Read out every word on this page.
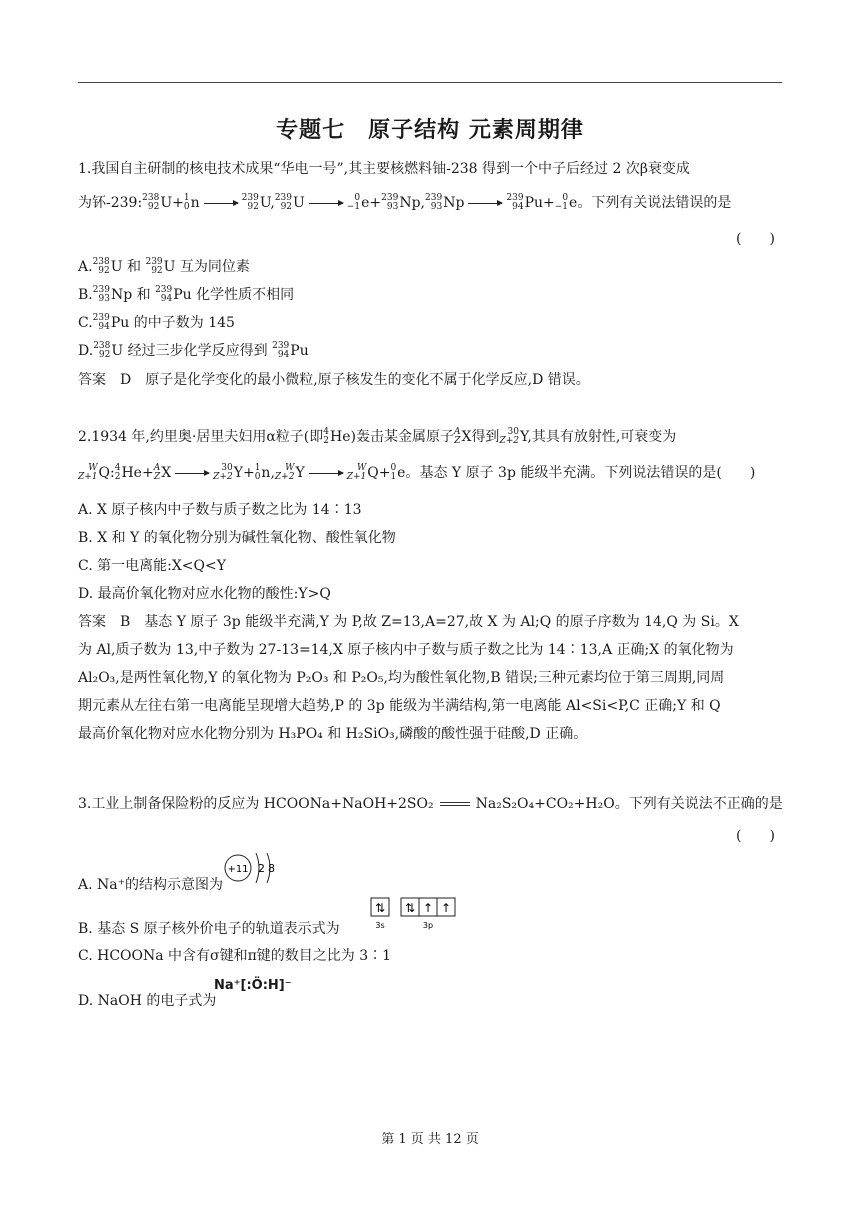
专题七　原子结构 元素周期律
1.我国自主研制的核电技术成果“华电一号”,其主要核燃料铀-238 得到一个中子后经过 2 次β衰变成
为钚-239: 238
92 U+ 1
0 n → 239
92 U, 239
92 U →	0
−1 e+ 239
93 Np, 239
93 Np → 239
94 Pu+ 0
−1 e。下列有关说法错误的是
(　　)
A. 238
92 U 和 239
92 U 互为同位素
B. 239
93 Np 和 239
94 Pu 化学性质不相同
C. 239
94 Pu 的中子数为 145
D. 238
92 U 经过三步化学反应得到 239
94 Pu
答案　D　原子是化学变化的最小微粒,原子核发生的变化不属于化学反应,D 错误。
2.1934 年,约里奥·居里夫妇用α粒子(即 4
2 He)轰击某金属原子 A
Z X得到 30
Z+2 Y,其具有放射性,可衰变为
W
Z+1 Q: 4
2 He+ A
Z X →	30
Z+2 Y+ 1
0 n,	W
Z+2 Y →	W
Z+1 Q+ 0
1 e。基态 Y 原子 3p 能级半充满。下列说法错误的是(　　)
A. X 原子核内中子数与质子数之比为 14∶13
B. X 和 Y 的氧化物分别为碱性氧化物、酸性氧化物
C. 第一电离能:X<Q<Y
D. 最高价氧化物对应水化物的酸性:Y>Q
答案　B　基态 Y 原子 3p 能级半充满,Y 为 P,故 Z=13,A=27,故 X 为 Al;Q 的原子序数为 14,Q 为 Si。X
为 Al,质子数为 13,中子数为 27-13=14,X 原子核内中子数与质子数之比为 14∶13,A 正确;X 的氧化物为
Al₂O₃,是两性氧化物,Y 的氧化物为 P₂O₃ 和 P₂O₅,均为酸性氧化物,B 错误;三种元素均位于第三周期,同周
期元素从左往右第一电离能呈现增大趋势,P 的 3p 能级为半满结构,第一电离能 Al<Si<P,C 正确;Y 和 Q
最高价氧化物对应水化物分别为 H₃PO₄ 和 H₂SiO₃,磷酸的酸性强于硅酸,D 正确。
3.工业上制备保险粉的反应为 HCOONa+NaOH+2SO₂	Na₂S₂O₄+CO₂+H₂O。下列有关说法不正确的是
(　　)
A. Na⁺的结构示意图为
+11 2 8
B. 基态 S 原子核外价电子的轨道表示式为
⇅ ⇅ ↑ ↑
3s	3p
C. HCOONa 中含有σ键和π键的数目之比为 3∶1
D. NaOH 的电子式为
Na⁺[:Ö:H]⁻
第 1 页 共 12 页
